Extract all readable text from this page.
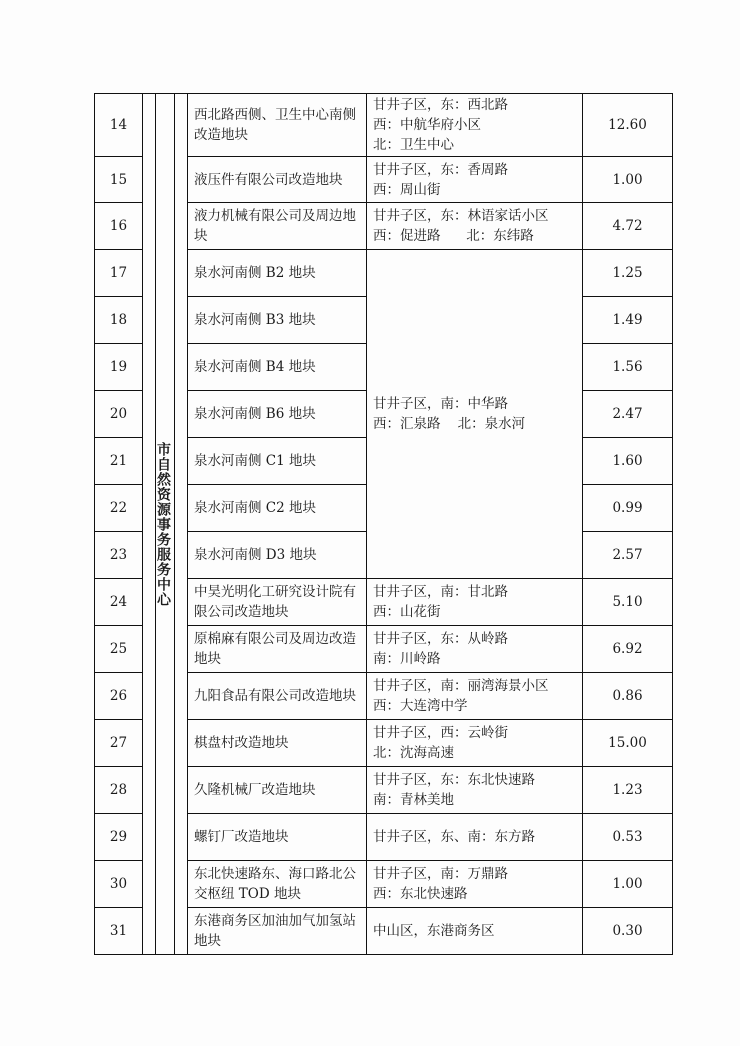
14	市自然资源事务服务中心	西北路西侧、卫生中心南侧改造地块	甘井子区，东：西北路
西：中航华府小区
北：卫生中心	12.60
15		液压件有限公司改造地块	甘井子区，东：香周路
西：周山街	1.00
16		液力机械有限公司及周边地块	甘井子区，东：林语家话小区
西：促进路      北：东纬路	4.72
17		泉水河南侧 B2 地块	甘井子区，南：中华路
西：汇泉路    北：泉水河	1.25
18		泉水河南侧 B3 地块		1.49
19		泉水河南侧 B4 地块		1.56
20		泉水河南侧 B6 地块		2.47
21		泉水河南侧 C1 地块		1.60
22		泉水河南侧 C2 地块		0.99
23		泉水河南侧 D3 地块		2.57
24		中昊光明化工研究设计院有限公司改造地块	甘井子区，南：甘北路
西：山花街	5.10
25		原棉麻有限公司及周边改造地块	甘井子区，东：从岭路
南：川岭路	6.92
26		九阳食品有限公司改造地块	甘井子区，南：丽湾海景小区
西：大连湾中学	0.86
27		棋盘村改造地块	甘井子区，西：云岭街
北：沈海高速	15.00
28		久隆机械厂改造地块	甘井子区，东：东北快速路
南：青林美地	1.23
29		螺钉厂改造地块	甘井子区，东、南：东方路	0.53
30		东北快速路东、海口路北公交枢纽 TOD 地块	甘井子区，南：万鼎路
西：东北快速路	1.00
31		东港商务区加油加气加氢站地块	中山区，东港商务区	0.30
